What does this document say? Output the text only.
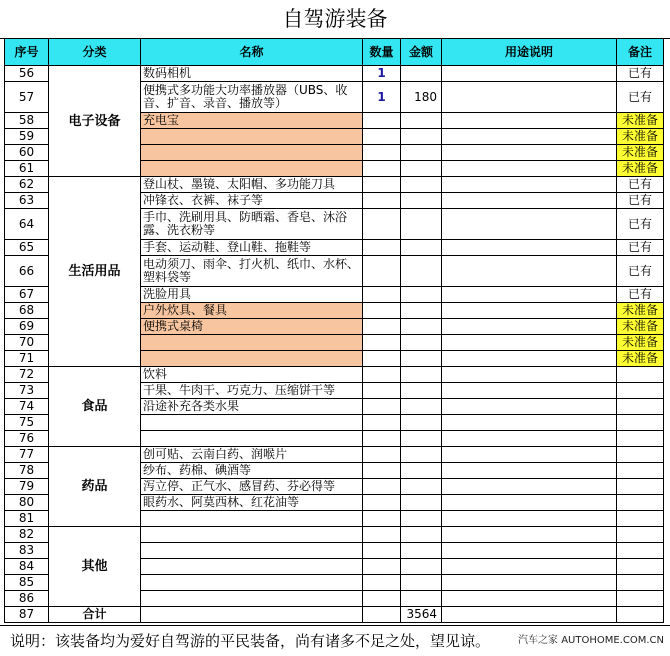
自驾游装备
序号	分类	名称	数量	金额	用途说明	备注
56	电子设备	数码相机	1			已有
57		便携式多功能大功率播放器（UBS、收音、扩音、录音、播放等）	1	180		已有
58		充电宝				未准备
59						未准备
60						未准备
61						未准备
62	生活用品	登山杖、墨镜、太阳帽、多功能刀具				已有
63		冲锋衣、衣裤、袜子等				已有
64		手巾、洗刷用具、防晒霜、香皂、沐浴露、洗衣粉等				已有
65		手套、运动鞋、登山鞋、拖鞋等				已有
66		电动须刀、雨伞、打火机、纸巾、水杯、塑料袋等				已有
67		洗脸用具				已有
68		户外炊具、餐具				未准备
69		便携式桌椅				未准备
70						未准备
71						未准备
72	食品	饮料				
73		干果、牛肉干、巧克力、压缩饼干等				
74		沿途补充各类水果				
75						
76						
77	药品	创可贴、云南白药、润喉片				
78		纱布、药棉、碘酒等				
79		泻立停、正气水、感冒药、芬必得等				
80		眼药水、阿莫西林、红花油等				
81						
82	其他					
83						
84						
85						
86						
87	合计			3564		
说明：该装备均为爱好自驾游的平民装备，尚有诸多不足之处，望见谅。	汽车之家 AUTOHOME.COM.CN
